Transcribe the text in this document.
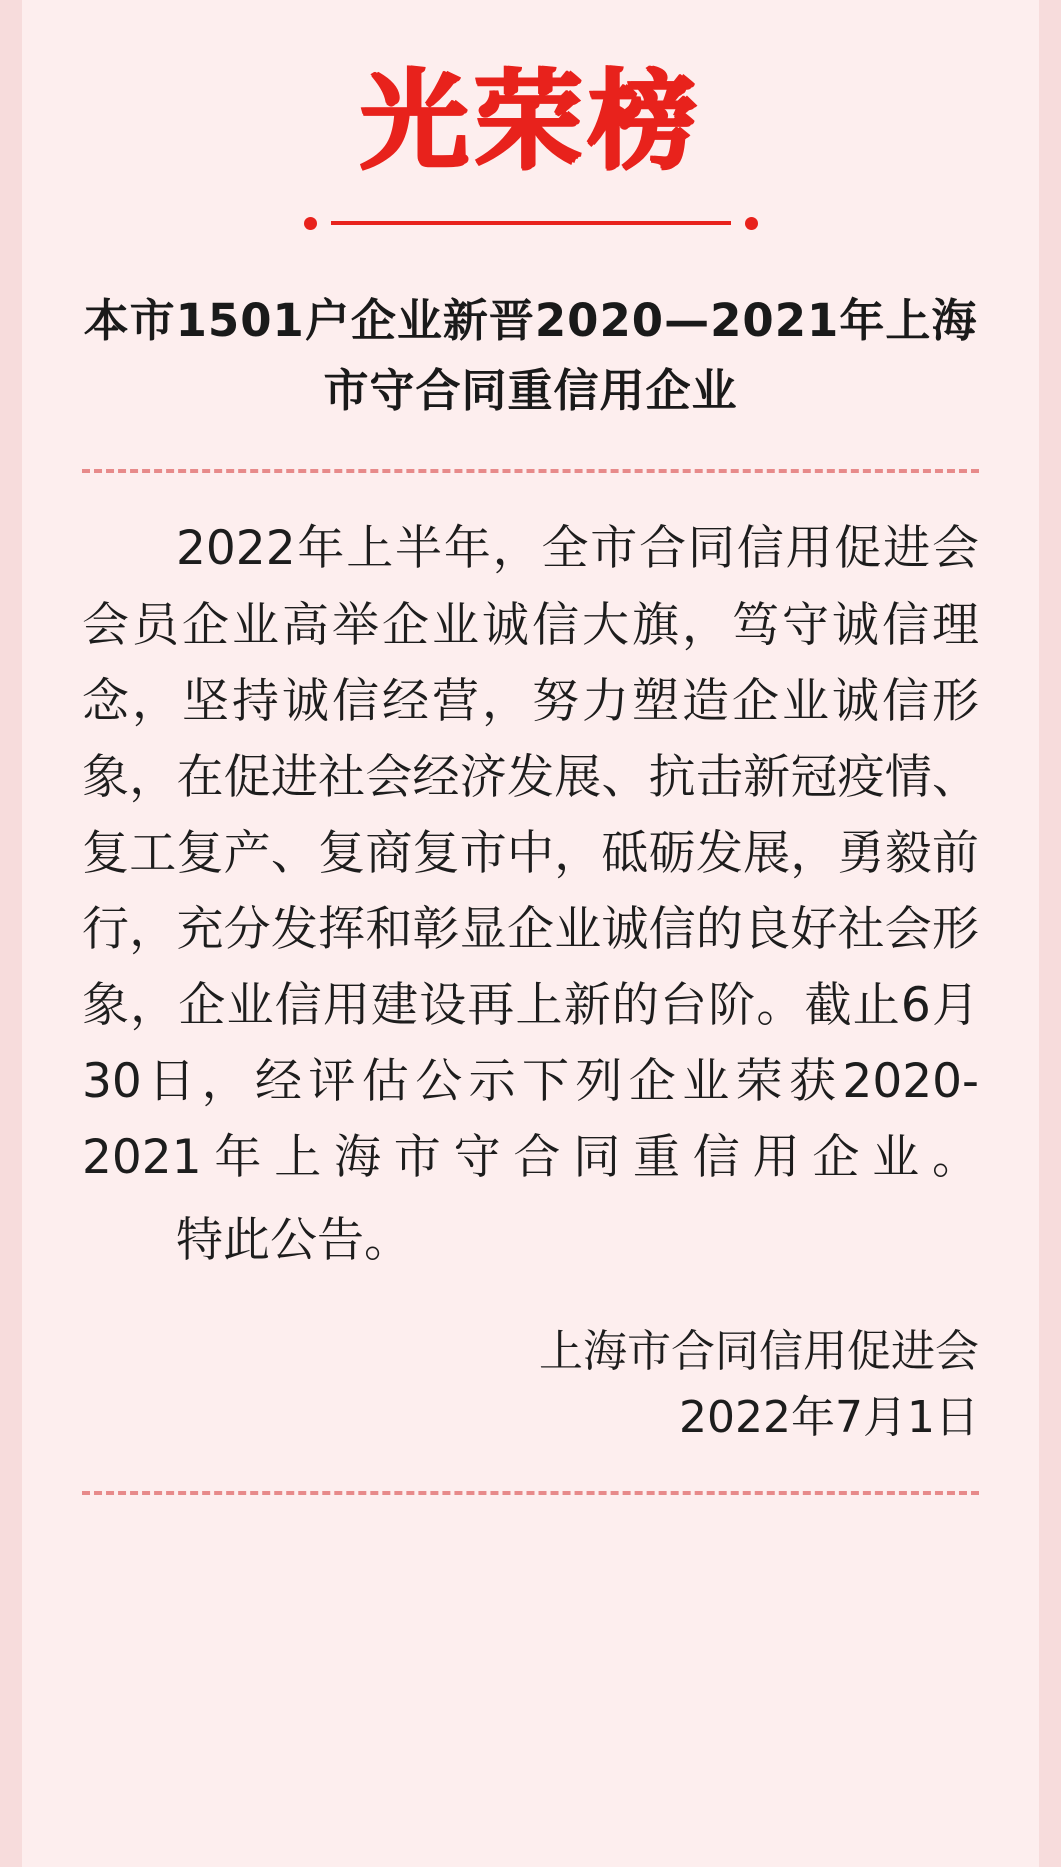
光荣榜
本市1501户企业新晋2020—2021年上海市守合同重信用企业

2022年上半年，全市合同信用促进会会员企业高举企业诚信大旗，笃守诚信理念，坚持诚信经营，努力塑造企业诚信形象，在促进社会经济发展、抗击新冠疫情、复工复产、复商复市中，砥砺发展，勇毅前行，充分发挥和彰显企业诚信的良好社会形象，企业信用建设再上新的台阶。截止6月30日，经评估公示下列企业荣获2020-2021年上海市守合同重信用企业。

特此公告。
上海市合同信用促进会
2022年7月1日
